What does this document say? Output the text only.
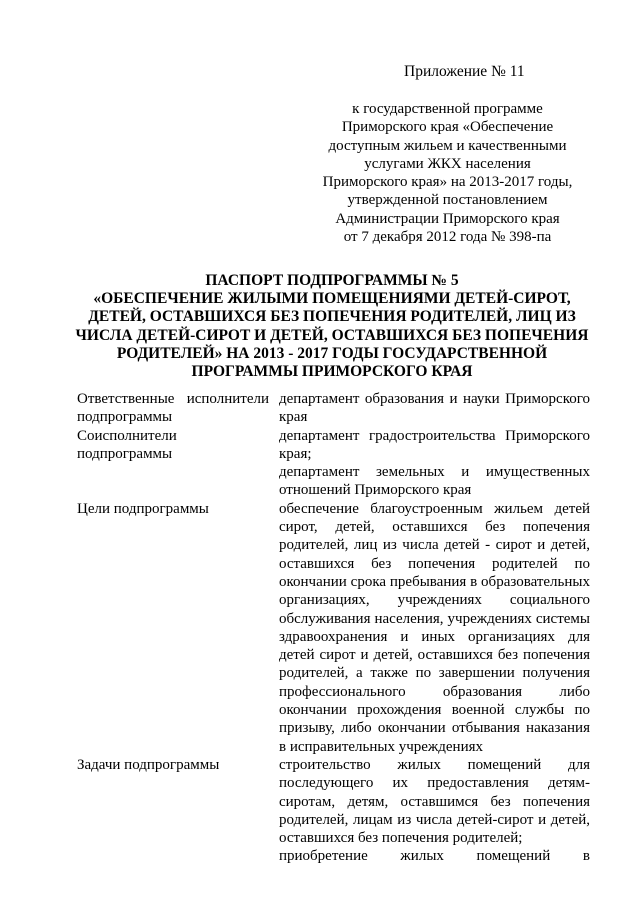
Приложение № 11
к государственной программе
Приморского края «Обеспечение
доступным жильем и качественными
услугами ЖКХ населения
Приморского края» на 2013-2017 годы,
утвержденной постановлением
Администрации Приморского края
от 7 декабря 2012 года № 398-па
ПАСПОРТ ПОДПРОГРАММЫ № 5
«ОБЕСПЕЧЕНИЕ ЖИЛЫМИ ПОМЕЩЕНИЯМИ ДЕТЕЙ-СИРОТ,
ДЕТЕЙ, ОСТАВШИХСЯ БЕЗ ПОПЕЧЕНИЯ РОДИТЕЛЕЙ, ЛИЦ ИЗ
ЧИСЛА ДЕТЕЙ-СИРОТ И ДЕТЕЙ, ОСТАВШИХСЯ БЕЗ ПОПЕЧЕНИЯ
РОДИТЕЛЕЙ» НА 2013 - 2017 ГОДЫ ГОСУДАРСТВЕННОЙ
ПРОГРАММЫ ПРИМОРСКОГО КРАЯ
Ответственные исполнители
подпрограммы
департамент образования и науки Приморского
края
Соисполнители
подпрограммы
департамент градостроительства Приморского
края;
департамент земельных и имущественных
отношений Приморского края
Цели подпрограммы	обеспечение благоустроенным жильем детей
сирот, детей, оставшихся без попечения
родителей, лиц из числа детей - сирот и детей,
оставшихся без попечения родителей по
окончании срока пребывания в образовательных
организациях, учреждениях социального
обслуживания населения, учреждениях системы
здравоохранения и иных организациях для
детей сирот и детей, оставшихся без попечения
родителей, а также по завершении получения
профессионального образования либо
окончании прохождения военной службы по
призыву, либо окончании отбывания наказания
в исправительных учреждениях
Задачи подпрограммы	строительство жилых помещений для
последующего их предоставления детям-
сиротам, детям, оставшимся без попечения
родителей, лицам из числа детей-сирот и детей,
оставшихся без попечения родителей;
приобретение жилых помещений в
